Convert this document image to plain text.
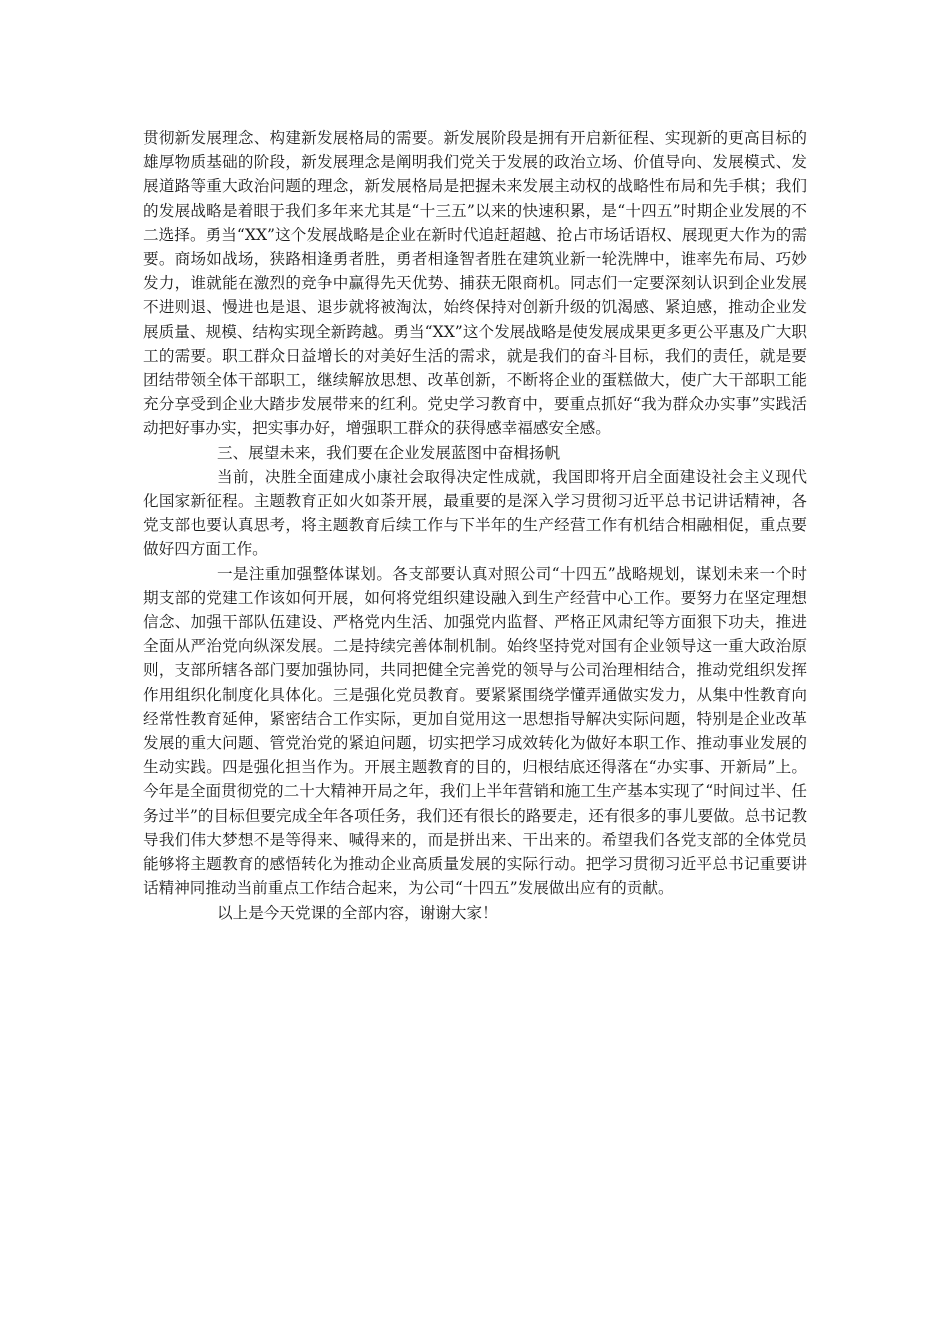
贯彻新发展理念、构建新发展格局的需要。新发展阶段是拥有开启新征程、实现新的更高目标的雄厚物质基础的阶段，新发展理念是阐明我们党关于发展的政治立场、价值导向、发展模式、发展道路等重大政治问题的理念，新发展格局是把握未来发展主动权的战略性布局和先手棋；我们的发展战略是着眼于我们多年来尤其是“十三五”以来的快速积累，是“十四五”时期企业发展的不二选择。勇当“XX”这个发展战略是企业在新时代追赶超越、抢占市场话语权、展现更大作为的需要。商场如战场，狭路相逢勇者胜，勇者相逢智者胜在建筑业新一轮洗牌中，谁率先布局、巧妙发力，谁就能在激烈的竞争中赢得先天优势、捕获无限商机。同志们一定要深刻认识到企业发展不进则退、慢进也是退、退步就将被淘汰，始终保持对创新升级的饥渴感、紧迫感，推动企业发展质量、规模、结构实现全新跨越。勇当“XX”这个发展战略是使发展成果更多更公平惠及广大职工的需要。职工群众日益增长的对美好生活的需求，就是我们的奋斗目标，我们的责任，就是要团结带领全体干部职工，继续解放思想、改革创新，不断将企业的蛋糕做大，使广大干部职工能充分享受到企业大踏步发展带来的红利。党史学习教育中，要重点抓好“我为群众办实事”实践活动把好事办实，把实事办好，增强职工群众的获得感幸福感安全感。

三、展望未来，我们要在企业发展蓝图中奋楫扬帆

当前，决胜全面建成小康社会取得决定性成就，我国即将开启全面建设社会主义现代化国家新征程。主题教育正如火如荼开展，最重要的是深入学习贯彻习近平总书记讲话精神，各党支部也要认真思考，将主题教育后续工作与下半年的生产经营工作有机结合相融相促，重点要做好四方面工作。

一是注重加强整体谋划。各支部要认真对照公司“十四五”战略规划，谋划未来一个时期支部的党建工作该如何开展，如何将党组织建设融入到生产经营中心工作。要努力在坚定理想信念、加强干部队伍建设、严格党内生活、加强党内监督、严格正风肃纪等方面狠下功夫，推进全面从严治党向纵深发展。二是持续完善体制机制。始终坚持党对国有企业领导这一重大政治原则，支部所辖各部门要加强协同，共同把健全完善党的领导与公司治理相结合，推动党组织发挥作用组织化制度化具体化。三是强化党员教育。要紧紧围绕学懂弄通做实发力，从集中性教育向经常性教育延伸，紧密结合工作实际，更加自觉用这一思想指导解决实际问题，特别是企业改革发展的重大问题、管党治党的紧迫问题，切实把学习成效转化为做好本职工作、推动事业发展的生动实践。四是强化担当作为。开展主题教育的目的，归根结底还得落在“办实事、开新局”上。今年是全面贯彻党的二十大精神开局之年，我们上半年营销和施工生产基本实现了“时间过半、任务过半”的目标但要完成全年各项任务，我们还有很长的路要走，还有很多的事儿要做。总书记教导我们伟大梦想不是等得来、喊得来的，而是拼出来、干出来的。希望我们各党支部的全体党员能够将主题教育的感悟转化为推动企业高质量发展的实际行动。把学习贯彻习近平总书记重要讲话精神同推动当前重点工作结合起来，为公司“十四五”发展做出应有的贡献。

以上是今天党课的全部内容，谢谢大家！
